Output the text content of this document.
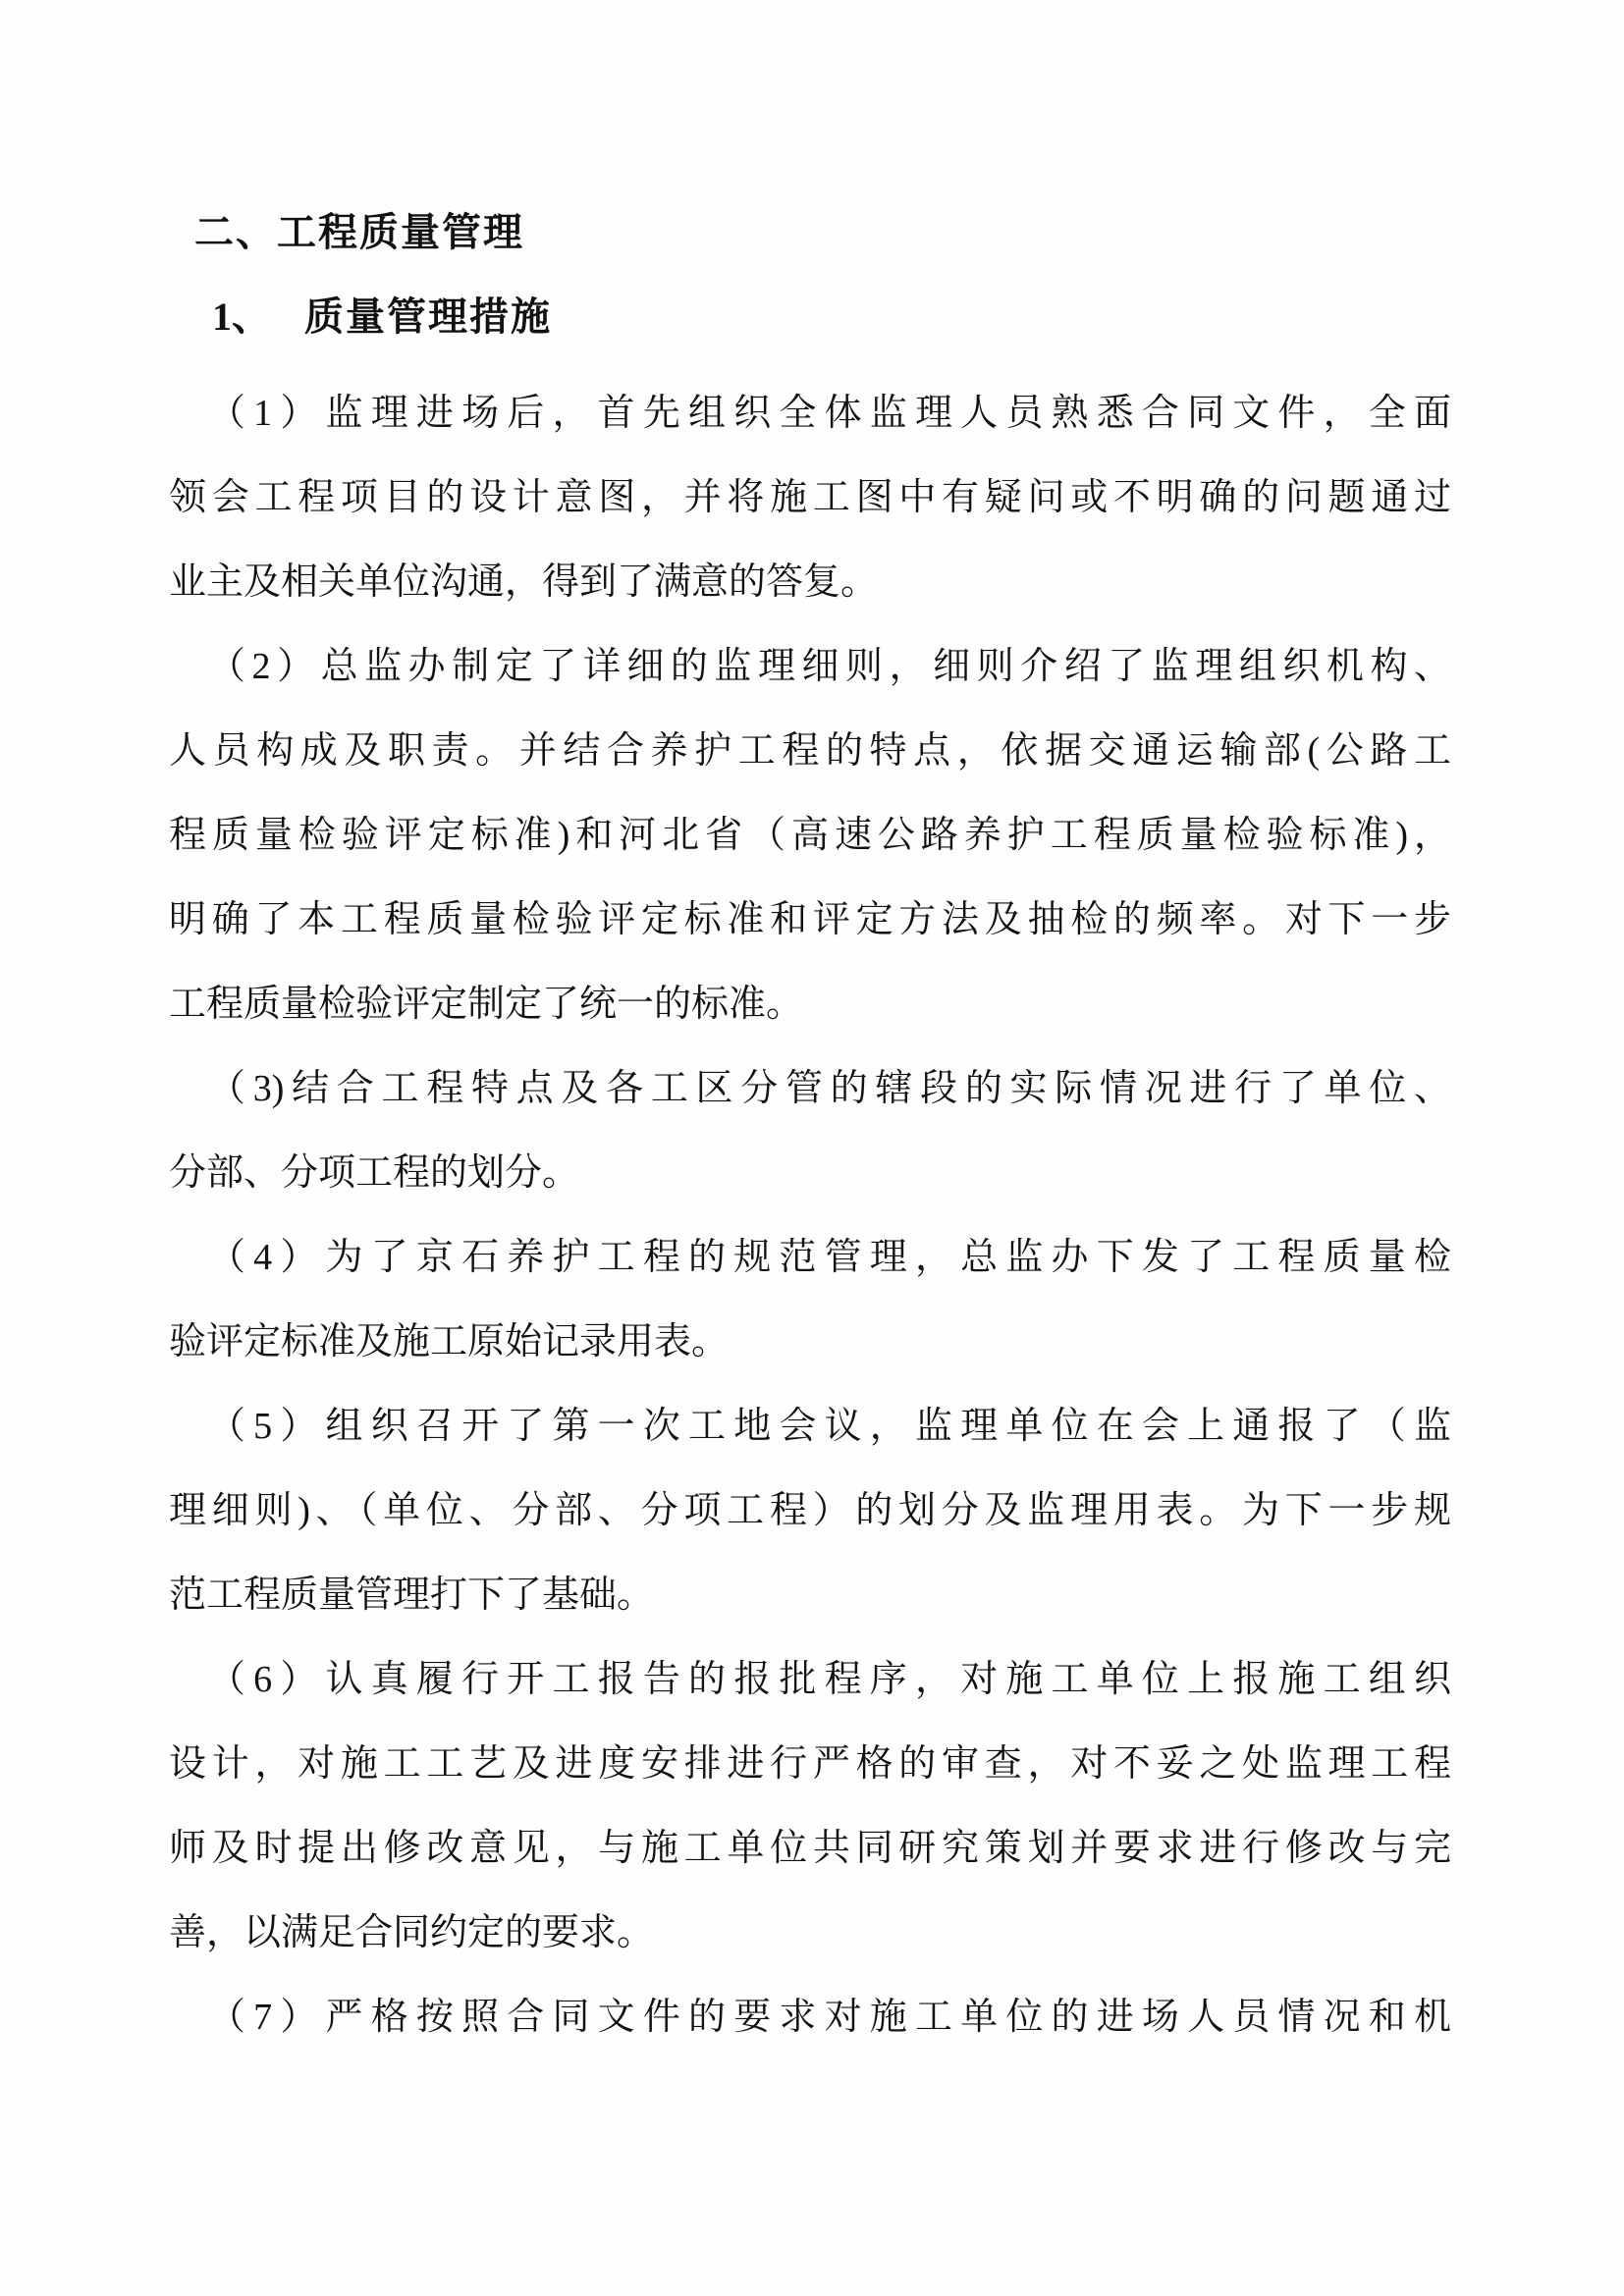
二、工程质量管理
1、 质量管理措施
（1）监理进场后，首先组织全体监理人员熟悉合同文件，全面
领会工程项目的设计意图，并将施工图中有疑问或不明确的问题通过
业主及相关单位沟通，得到了满意的答复。
（2）总监办制定了详细的监理细则，细则介绍了监理组织机构、
人员构成及职责。并结合养护工程的特点，依据交通运输部(公路工
程质量检验评定标准)和河北省（高速公路养护工程质量检验标准)，
明确了本工程质量检验评定标准和评定方法及抽检的频率。对下一步
工程质量检验评定制定了统一的标准。
（3)结合工程特点及各工区分管的辖段的实际情况进行了单位、
分部、分项工程的划分。
（4）为了京石养护工程的规范管理，总监办下发了工程质量检
验评定标准及施工原始记录用表。
（5）组织召开了第一次工地会议，监理单位在会上通报了（监
理细则)、（单位、分部、分项工程）的划分及监理用表。为下一步规
范工程质量管理打下了基础。
（6）认真履行开工报告的报批程序，对施工单位上报施工组织
设计，对施工工艺及进度安排进行严格的审查，对不妥之处监理工程
师及时提出修改意见，与施工单位共同研究策划并要求进行修改与完
善，以满足合同约定的要求。
（7）严格按照合同文件的要求对施工单位的进场人员情况和机
